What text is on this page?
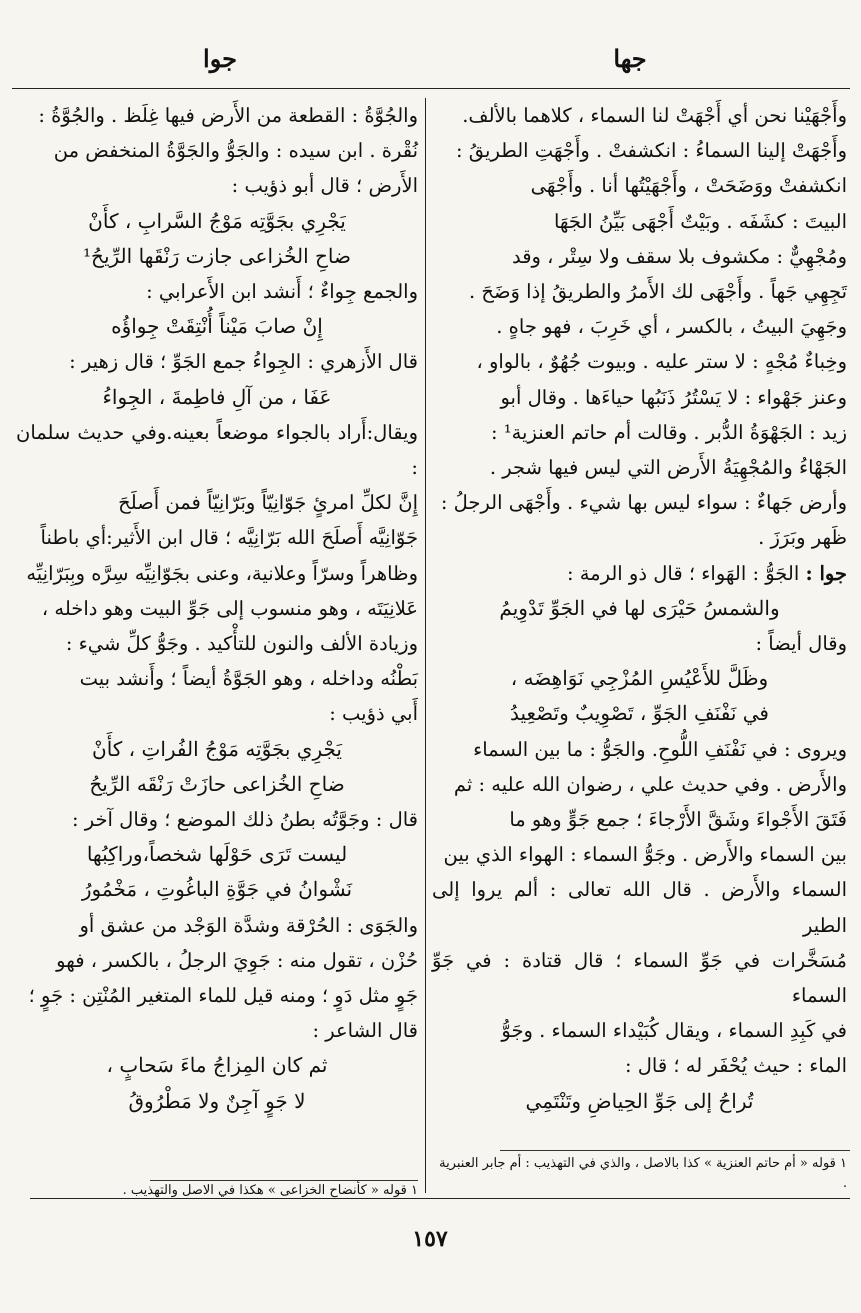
جها
جوا

وأَجْهَيْنا نحن أي أَجْهَتْ لنا السماء ، كلاهما بالألف.

وأَجْهَتْ إلينا السماءُ : انكشفتْ . وأَجْهَتِ الطريقُ :

انكشفتْ ووَضَحَتْ ، وأَجْهَيْتُها أنا . وأَجْهَى

البيتَ : كشَفَه . وبَيْتٌ أَجْهَى بَيِّنُ الجَهَا

ومُجْهِيٌّ : مكشوف بلا سقف ولا سِتْر ، وقد

تَجِهِي جَهاً . وأَجْهَى لك الأَمرُ والطريقُ إذا وَضَحَ .

وجَهِيَ البيتُ ، بالكسر ، أي خَرِبَ ، فهو جاهٍ .

وخِباءٌ مُجْهٍ : لا ستر عليه . وبيوت جُهُوٌ ، بالواو ،

وعنز جَهْواء : لا يَسْتُرُ ذَنَبُها حياءَها . وقال أبو

زيد : الجَهْوَةُ الدُّبر . وقالت أم حاتم العنزية¹ :

الجَهْاءُ والمُجْهِيَةُ الأَرض التي ليس فيها شجر .

وأرض جَهاءٌ : سواء ليس بها شيء . وأَجْهَى الرجلُ :

ظَهر وبَرَزَ .

جوا : الجَوُّ : الهَواء ؛ قال ذو الرمة :

والشمسُ حَيْرَى لها في الجَوِّ تَدْوِيمُ

وقال أيضاً :

وظَلَّ للأَعْيُسِ المُزْجِي نَوَاهِضَه ،

في نَفْنَفِ الجَوِّ ، تَصْوِيبٌ وتَصْعِيدُ

ويروى : في نَفْنَفِ اللُّوحِ. والجَوُّ : ما بين السماء

والأَرض . وفي حديث علي ، رضوان الله عليه : ثم

فَتَقَ الأَجْواءَ وشَقَّ الأَرْجاءَ ؛ جمع جَوٍّ وهو ما

بين السماء والأَرض . وجَوُّ السماء : الهواء الذي بين

السماء والأَرض . قال الله تعالى : ألم يروا إلى الطير

مُسَخَّرات في جَوِّ السماء ؛ قال قتادة : في جَوِّ السماء

في كَبِدِ السماء ، ويقال كُبَيْداء السماء . وجَوُّ

الماء : حيث يُحْفَر له ؛ قال :

تُراحُ إلى جَوِّ الحِياضِ وتَنْتَمِي

والجُوَّةُ : القطعة من الأَرض فيها غِلَظ . والجُوَّةُ :

نُقْرة . ابن سيده : والجَوُّ والجَوَّةُ المنخفض من

الأَرض ؛ قال أبو ذؤيب :

يَجْرِي بجَوَّتِه مَوْجُ السَّرابِ ، كأَنْ

ضاحِ الخُزاعى جازت رَنْقَها الرِّيحُ¹

والجمع جِواءٌ ؛ أَنشد ابن الأَعرابي :

إِنْ صابَ مَيْناً أُنْتِقَتْ جِواؤُه

قال الأَزهري : الجِواءُ جمع الجَوِّ ؛ قال زهير :

عَفَا ، من آلِ فاطِمةَ ، الجِواءُ

ويقال:أَراد بالجواء موضعاً بعينه.وفي حديث سلمان :

إِنَّ لكلِّ امرئٍ جَوّانِيّاً وبَرّانِيّاً فمن أَصلَحَ

جَوّانِيَّه أَصلَحَ الله بَرّانِيَّه ؛ قال ابن الأَثير:أي باطناً

وظاهراً وسرّاً وعلانية، وعنى بجَوّانِيِّه سِرَّه وبِبَرّانِيِّه

عَلانِيَتَه ، وهو منسوب إلى جَوِّ البيت وهو داخله ،

وزيادة الألف والنون للتأْكيد . وجَوُّ كلِّ شيء :

بَطْنُه وداخله ، وهو الجَوَّةُ أيضاً ؛ وأَنشد بيت

أَبي ذؤيب :

يَجْرِي بجَوَّتِه مَوْجُ الفُراتِ ، كأَنْ

ضاحِ الخُزاعى حازَتْ رَنْقَه الرِّيحُ

قال : وجَوَّتُه بطنُ ذلك الموضع ؛ وقال آخر :

ليست تَرَى حَوْلَها شخصاً،وراكِبُها

نَشْوانُ في جَوَّةِ الباغُوتِ ، مَخْمُورُ

والجَوَى : الحُرْقة وشدَّة الوَجْد من عشق أو

حُزْن ، تقول منه : جَوِيَ الرجلُ ، بالكسر ، فهو

جَوٍ مثل دَوٍ ؛ ومنه قيل للماء المتغير المُنْتِن : جَوٍ ؛

قال الشاعر :

ثم كان المِزاجُ ماءَ سَحابٍ ،

لا جَوٍ آجِنٌ ولا مَطْرُوقُ

١ قوله « أم حاتم العنزية » كذا بالاصل ، والذي في التهذيب : أم جابر العنبرية .
١ قوله « كأنضاح الخزاعى » هكذا في الاصل والتهذيب .
١٥٧
